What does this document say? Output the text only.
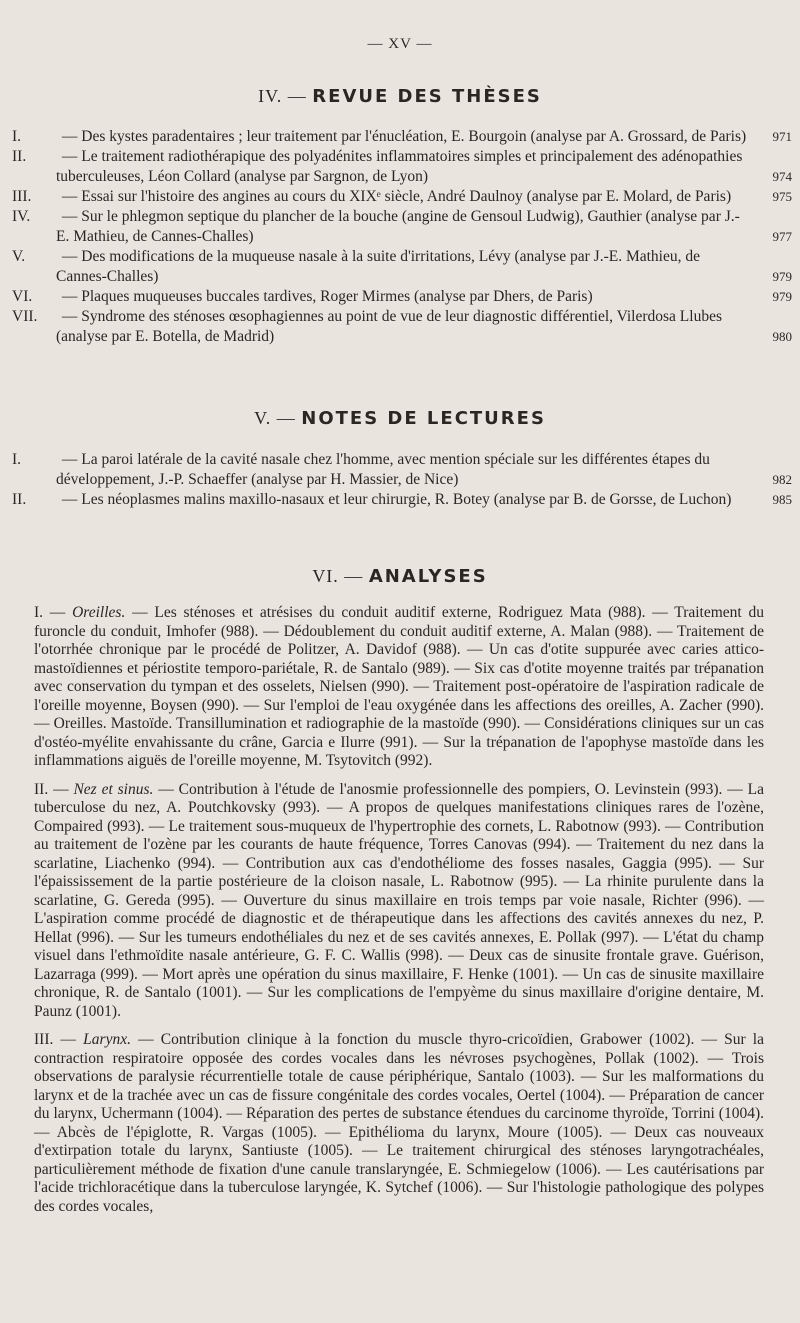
— XV —
IV. — REVUE DES THÈSES
I.	— Des kystes paradentaires ; leur traitement par l'énucléation, E. Bourgoin (analyse par A. Grossard, de Paris)	971
II. — Le traitement radiothérapique des polyadénites inflammatoires simples et principalement des adénopathies tuberculeuses, Léon Collard (analyse par Sargnon, de Lyon)	974
III. — Essai sur l'histoire des angines au cours du XIXᵉ siècle, André Daulnoy (analyse par E. Molard, de Paris)	975
IV. — Sur le phlegmon septique du plancher de la bouche (angine de Gensoul Ludwig), Gauthier (analyse par J.-E. Mathieu, de Cannes-Challes)	977
V. — Des modifications de la muqueuse nasale à la suite d'irritations, Lévy (analyse par J.-E. Mathieu, de Cannes-Challes)	979
VI. — Plaques muqueuses buccales tardives, Roger Mirmes (analyse par Dhers, de Paris)	979
VII. — Syndrome des sténoses œsophagiennes au point de vue de leur diagnostic différentiel, Vilerdosa Llubes (analyse par E. Botella, de Madrid)	980
V. — NOTES DE LECTURES
I.	— La paroi latérale de la cavité nasale chez l'homme, avec mention spéciale sur les différentes étapes du développement, J.-P. Schaeffer (analyse par H. Massier, de Nice)	982
II. — Les néoplasmes malins maxillo-nasaux et leur chirurgie, R. Botey (analyse par B. de Gorsse, de Luchon)	985
VI. — ANALYSES

I. — Oreilles. — Les sténoses et atrésises du conduit auditif externe, Rodriguez Mata (988). — Traitement du furoncle du conduit, Imhofer (988). — Dédoublement du conduit auditif externe, A. Malan (988). — Traitement de l'otorrhée chronique par le procédé de Politzer, A. Davidof (988). — Un cas d'otite suppurée avec caries attico-mastoïdiennes et périostite temporo-pariétale, R. de Santalo (989). — Six cas d'otite moyenne traités par trépanation avec conservation du tympan et des osselets, Nielsen (990). — Traitement post-opératoire de l'aspiration radicale de l'oreille moyenne, Boysen (990). — Sur l'emploi de l'eau oxygénée dans les affections des oreilles, A. Zacher (990). — Oreilles. Mastoïde. Transillumination et radiographie de la mastoïde (990). — Considérations cliniques sur un cas d'ostéo-myélite envahissante du crâne, Garcia e Ilurre (991). — Sur la trépanation de l'apophyse mastoïde dans les inflammations aiguës de l'oreille moyenne, M. Tsytovitch (992).

II. — Nez et sinus. — Contribution à l'étude de l'anosmie professionnelle des pompiers, O. Levinstein (993). — La tuberculose du nez, A. Poutchkovsky (993). — A propos de quelques manifestations cliniques rares de l'ozène, Compaired (993). — Le traitement sous-muqueux de l'hypertrophie des cornets, L. Rabotnow (993). — Contribution au traitement de l'ozène par les courants de haute fréquence, Torres Canovas (994). — Traitement du nez dans la scarlatine, Liachenko (994). — Contribution aux cas d'endothéliome des fosses nasales, Gaggia (995). — Sur l'épaississement de la partie postérieure de la cloison nasale, L. Rabotnow (995). — La rhinite purulente dans la scarlatine, G. Gereda (995). — Ouverture du sinus maxillaire en trois temps par voie nasale, Richter (996). — L'aspiration comme procédé de diagnostic et de thérapeutique dans les affections des cavités annexes du nez, P. Hellat (996). — Sur les tumeurs endothéliales du nez et de ses cavités annexes, E. Pollak (997). — L'état du champ visuel dans l'ethmoïdite nasale antérieure, G. F. C. Wallis (998). — Deux cas de sinusite frontale grave. Guérison, Lazarraga (999). — Mort après une opération du sinus maxillaire, F. Henke (1001). — Un cas de sinusite maxillaire chronique, R. de Santalo (1001). — Sur les complications de l'empyème du sinus maxillaire d'origine dentaire, M. Paunz (1001).

III. — Larynx. — Contribution clinique à la fonction du muscle thyro-cricoïdien, Grabower (1002). — Sur la contraction respiratoire opposée des cordes vocales dans les névroses psychogènes, Pollak (1002). — Trois observations de paralysie récurrentielle totale de cause périphérique, Santalo (1003). — Sur les malformations du larynx et de la trachée avec un cas de fissure congénitale des cordes vocales, Oertel (1004). — Préparation de cancer du larynx, Uchermann (1004). — Réparation des pertes de substance étendues du carcinome thyroïde, Torrini (1004). — Abcès de l'épiglotte, R. Vargas (1005). — Epithélioma du larynx, Moure (1005). — Deux cas nouveaux d'extirpation totale du larynx, Santiuste (1005). — Le traitement chirurgical des sténoses laryngotrachéales, particulièrement méthode de fixation d'une canule translaryngée, E. Schmiegelow (1006). — Les cautérisations par l'acide trichloracétique dans la tuberculose laryngée, K. Sytchef (1006). — Sur l'histologie pathologique des polypes des cordes vocales,
